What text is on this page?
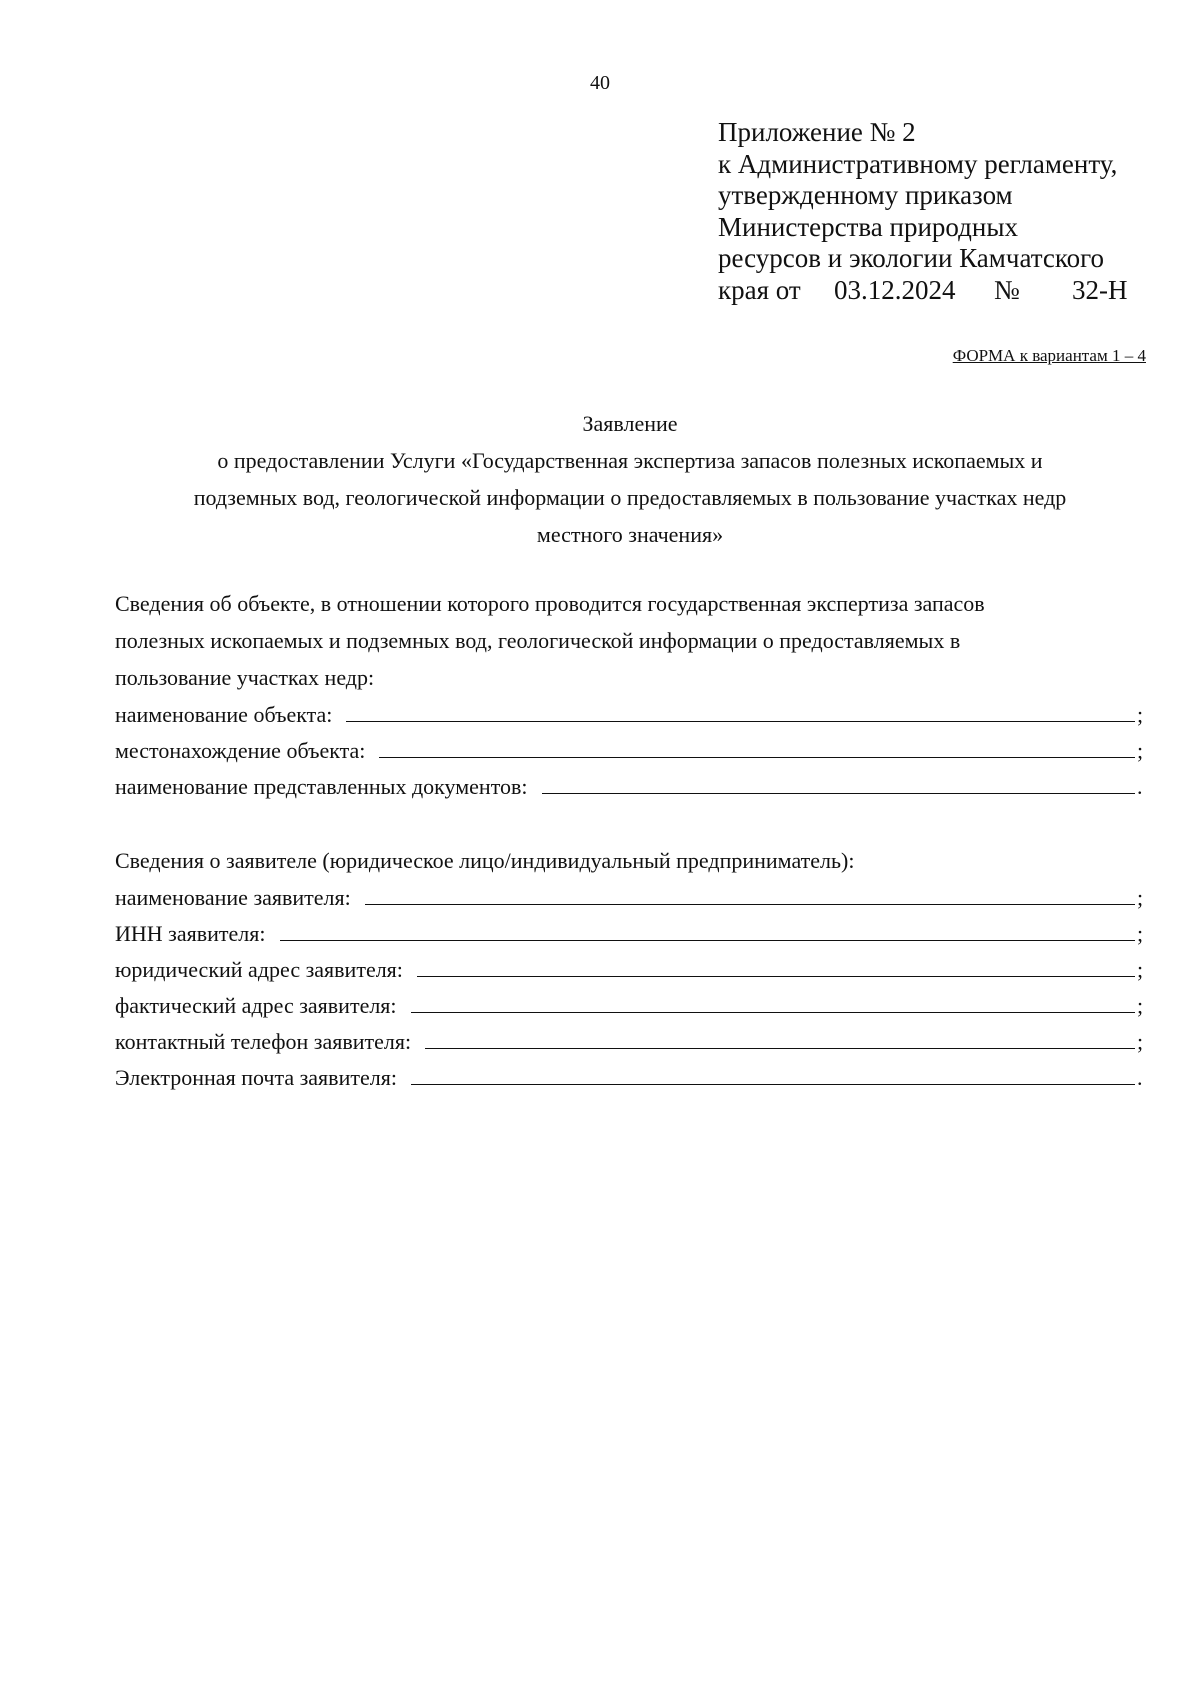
40
Приложение № 2
к Административному регламенту,
утвержденному приказом
Министерства природных
ресурсов и экологии Камчатского
края от 03.12.2024 № 32-Н
ФОРМА к вариантам 1 – 4
Заявление
о предоставлении Услуги «Государственная экспертиза запасов полезных ископаемых и
подземных вод, геологической информации о предоставляемых в пользование участках недр
местного значения»
Сведения об объекте, в отношении которого проводится государственная экспертиза запасов
полезных ископаемых и подземных вод, геологической информации о предоставляемых в
пользование участках недр:
наименование объекта:	;
местонахождение объекта:	;
наименование представленных документов:	.
Сведения о заявителе (юридическое лицо/индивидуальный предприниматель):
наименование заявителя:	;
ИНН заявителя:	;
юридический адрес заявителя:	;
фактический адрес заявителя:	;
контактный телефон заявителя:	;
Электронная почта заявителя:	.
